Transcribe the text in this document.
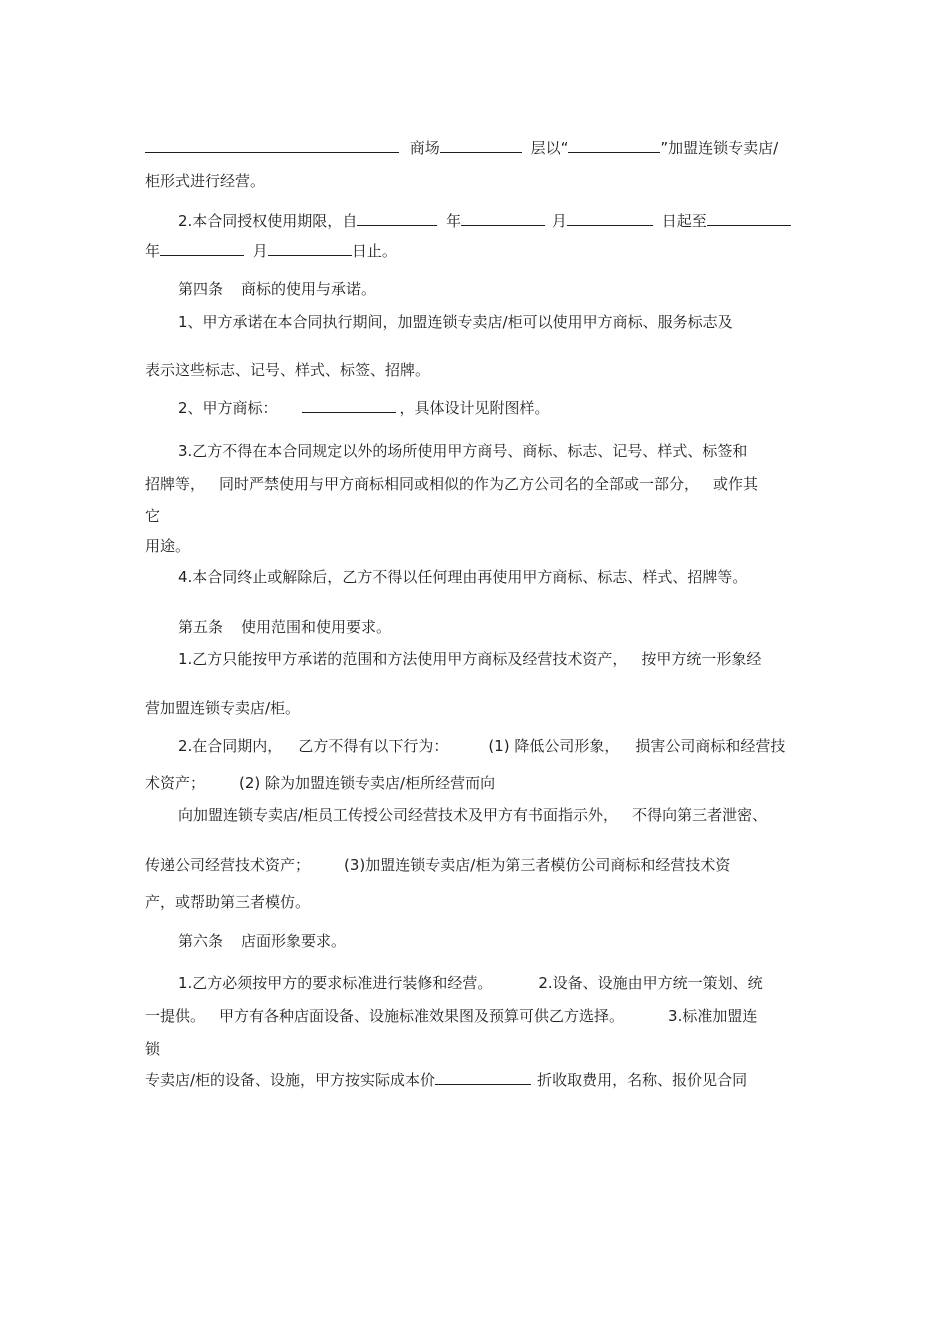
商场	层以“	”加盟连锁专卖店/
柜形式进行经营。
2.本合同授权使用期限，自	年	月	日起至
年	月	日止。
第四条 商标的使用与承诺。
1、甲方承诺在本合同执行期间，加盟连锁专卖店/柜可以使用甲方商标、服务标志及
表示这些标志、记号、样式、标签、招牌。
2、甲方商标：	，具体设计见附图样。
3.乙方不得在本合同规定以外的场所使用甲方商号、商标、标志、记号、样式、标签和
招牌等， 同时严禁使用与甲方商标相同或相似的作为乙方公司名的全部或一部分， 或作其
它
用途。
4.本合同终止或解除后，乙方不得以任何理由再使用甲方商标、标志、样式、招牌等。
第五条 使用范围和使用要求。
1.乙方只能按甲方承诺的范围和方法使用甲方商标及经营技术资产， 按甲方统一形象经
营加盟连锁专卖店/柜。
2.在合同期内， 乙方不得有以下行为：	(1) 降低公司形象， 损害公司商标和经营技
术资产； (2) 除为加盟连锁专卖店/柜所经营而向
向加盟连锁专卖店/柜员工传授公司经营技术及甲方有书面指示外， 不得向第三者泄密、
传递公司经营技术资产； (3)加盟连锁专卖店/柜为第三者模仿公司商标和经营技术资
产，或帮助第三者模仿。
第六条 店面形象要求。
1.乙方必须按甲方的要求标准进行装修和经营。	2.设备、设施由甲方统一策划、统
一提供。 甲方有各种店面设备、设施标准效果图及预算可供乙方选择。	3.标准加盟连
锁
专卖店/柜的设备、设施，甲方按实际成本价	折收取费用，名称、报价见合同
